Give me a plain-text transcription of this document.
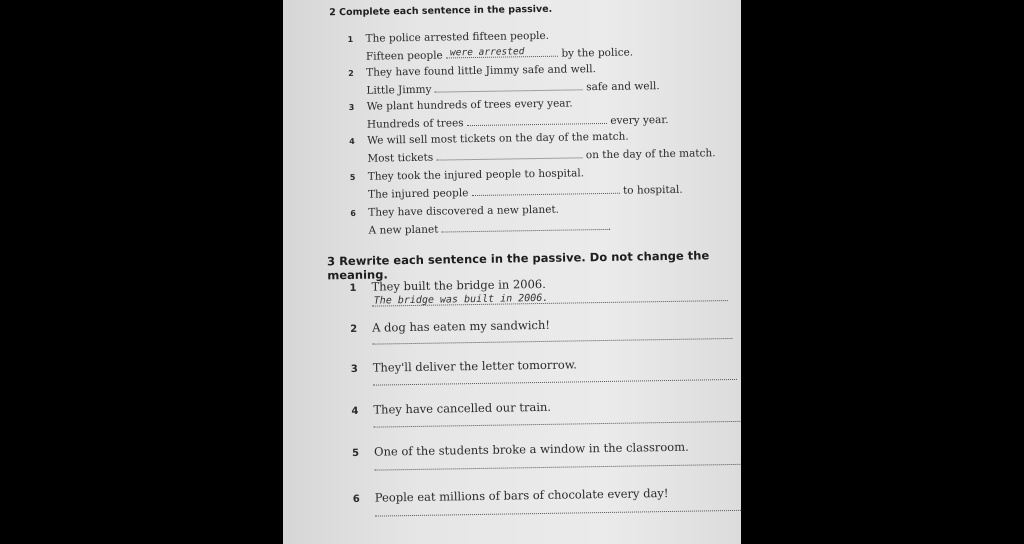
2 Complete each sentence in the passive.
1 The police arrested fifteen people.
Fifteen people were arrested	by the police.
2 They have found little Jimmy safe and well.
Little Jimmy	safe and well.
3 We plant hundreds of trees every year.
Hundreds of trees	every year.
4 We will sell most tickets on the day of the match.
Most tickets	on the day of the match.
5 They took the injured people to hospital.
The injured people	to hospital.
6 They have discovered a new planet.
A new planet	.
3 Rewrite each sentence in the passive. Do not change the meaning.
1 They built the bridge in 2006.
The bridge was built in 2006.
2 A dog has eaten my sandwich!
3 They'll deliver the letter tomorrow.
4 They have cancelled our train.
5 One of the students broke a window in the classroom.
6 People eat millions of bars of chocolate every day!
